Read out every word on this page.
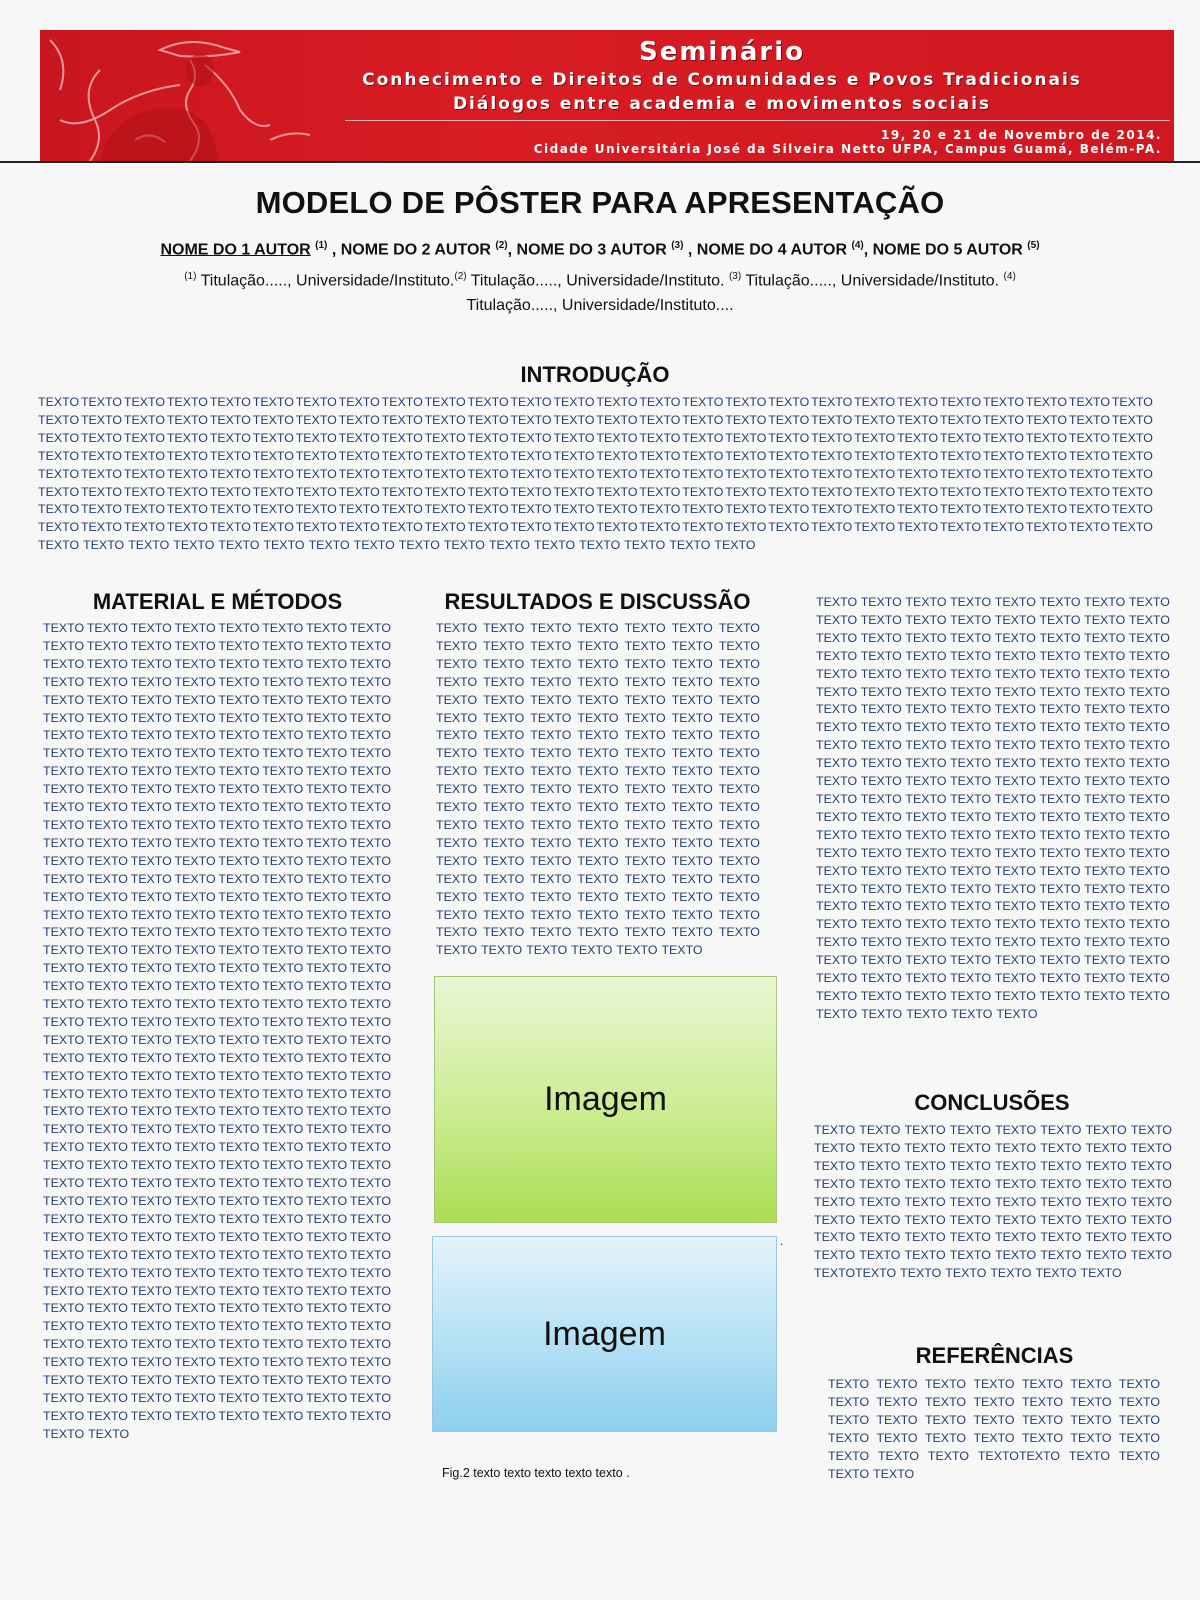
Seminário
Conhecimento e Direitos de Comunidades e Povos Tradicionais
Diálogos entre academia e movimentos sociais
19, 20 e 21 de Novembro de 2014.
Cidade Universitária José da Silveira Netto UFPA, Campus Guamá, Belém-PA.
MODELO DE PÔSTER PARA APRESENTAÇÃO
NOME DO 1 AUTOR $^{(1)}$ , NOME DO 2 AUTOR $^{(2)}$, NOME DO 3 AUTOR $^{(3)}$ , NOME DO 4 AUTOR $^{(4)}$, NOME DO 5 AUTOR $^{(5)}$
$^{(1)}$ Titulação....., Universidade/Instituto.$^{(2)}$ Titulação....., Universidade/Instituto. $^{(3)}$ Titulação....., Universidade/Instituto. $^{(4)}$
Titulação....., Universidade/Instituto....
INTRODUÇÃO
MATERIAL E MÉTODOS	RESULTADOS E DISCUSSÃO
CONCLUSÕES
REFERÊNCIAS
TEXTO TEXTO TEXTO TEXTO TEXTO TEXTO TEXTO TEXTO TEXTO TEXTO TEXTO TEXTO TEXTO TEXTO TEXTO TEXTO TEXTO TEXTO TEXTO TEXTO TEXTO TEXTO TEXTO TEXTO TEXTO TEXTO
TEXTO TEXTO TEXTO TEXTO TEXTO TEXTO TEXTO TEXTO TEXTO TEXTO TEXTO TEXTO TEXTO TEXTO TEXTO TEXTO TEXTO TEXTO TEXTO TEXTO TEXTO TEXTO TEXTO TEXTO TEXTO TEXTO
TEXTO TEXTO TEXTO TEXTO TEXTO TEXTO TEXTO TEXTO TEXTO TEXTO TEXTO TEXTO TEXTO TEXTO TEXTO TEXTO TEXTO TEXTO TEXTO TEXTO TEXTO TEXTO TEXTO TEXTO TEXTO TEXTO
TEXTO TEXTO TEXTO TEXTO TEXTO TEXTO TEXTO TEXTO TEXTO TEXTO TEXTO TEXTO TEXTO TEXTO TEXTO TEXTO TEXTO TEXTO TEXTO TEXTO TEXTO TEXTO TEXTO TEXTO TEXTO TEXTO
TEXTO TEXTO TEXTO TEXTO TEXTO TEXTO TEXTO TEXTO TEXTO TEXTO TEXTO TEXTO TEXTO TEXTO TEXTO TEXTO TEXTO TEXTO TEXTO TEXTO TEXTO TEXTO TEXTO TEXTO TEXTO TEXTO
TEXTO TEXTO TEXTO TEXTO TEXTO TEXTO TEXTO TEXTO TEXTO TEXTO TEXTO TEXTO TEXTO TEXTO TEXTO TEXTO TEXTO TEXTO TEXTO TEXTO TEXTO TEXTO TEXTO TEXTO TEXTO TEXTO
TEXTO TEXTO TEXTO TEXTO TEXTO TEXTO TEXTO TEXTO TEXTO TEXTO TEXTO TEXTO TEXTO TEXTO TEXTO TEXTO TEXTO TEXTO TEXTO TEXTO TEXTO TEXTO TEXTO TEXTO TEXTO TEXTO
TEXTO TEXTO TEXTO TEXTO TEXTO TEXTO TEXTO TEXTO TEXTO TEXTO TEXTO TEXTO TEXTO TEXTO TEXTO TEXTO TEXTO TEXTO TEXTO TEXTO TEXTO TEXTO TEXTO TEXTO TEXTO TEXTO
TEXTO TEXTO TEXTO TEXTO TEXTO TEXTO TEXTO TEXTO TEXTO TEXTO TEXTO TEXTO TEXTO TEXTO TEXTO TEXTO
TEXTO TEXTO TEXTO TEXTO TEXTO TEXTO TEXTO TEXTO
TEXTO TEXTO TEXTO TEXTO TEXTO TEXTO TEXTO TEXTO
TEXTO TEXTO TEXTO TEXTO TEXTO TEXTO TEXTO TEXTO
TEXTO TEXTO TEXTO TEXTO TEXTO TEXTO TEXTO TEXTO
TEXTO TEXTO TEXTO TEXTO TEXTO TEXTO TEXTO TEXTO
TEXTO TEXTO TEXTO TEXTO TEXTO TEXTO TEXTO TEXTO
TEXTO TEXTO TEXTO TEXTO TEXTO TEXTO TEXTO TEXTO
TEXTO TEXTO TEXTO TEXTO TEXTO TEXTO TEXTO TEXTO
TEXTO TEXTO TEXTO TEXTO TEXTO TEXTO TEXTO TEXTO
TEXTO TEXTO TEXTO TEXTO TEXTO TEXTO TEXTO TEXTO
TEXTO TEXTO TEXTO TEXTO TEXTO TEXTO TEXTO TEXTO
TEXTO TEXTO TEXTO TEXTO TEXTO TEXTO TEXTO TEXTO
TEXTO TEXTO TEXTO TEXTO TEXTO TEXTO TEXTO TEXTO
TEXTO TEXTO TEXTO TEXTO TEXTO TEXTO TEXTO TEXTO
TEXTO TEXTO TEXTO TEXTO TEXTO TEXTO TEXTO TEXTO
TEXTO TEXTO TEXTO TEXTO TEXTO TEXTO TEXTO TEXTO
TEXTO TEXTO TEXTO TEXTO TEXTO TEXTO TEXTO TEXTO
TEXTO TEXTO TEXTO TEXTO TEXTO TEXTO TEXTO TEXTO
TEXTO TEXTO TEXTO TEXTO TEXTO TEXTO TEXTO TEXTO
TEXTO TEXTO TEXTO TEXTO TEXTO TEXTO TEXTO TEXTO
TEXTO TEXTO TEXTO TEXTO TEXTO TEXTO TEXTO TEXTO
TEXTO TEXTO TEXTO TEXTO TEXTO TEXTO TEXTO TEXTO
TEXTO TEXTO TEXTO TEXTO TEXTO TEXTO TEXTO TEXTO
TEXTO TEXTO TEXTO TEXTO TEXTO TEXTO TEXTO TEXTO
TEXTO TEXTO TEXTO TEXTO TEXTO TEXTO TEXTO TEXTO
TEXTO TEXTO TEXTO TEXTO TEXTO TEXTO TEXTO TEXTO
TEXTO TEXTO TEXTO TEXTO TEXTO TEXTO TEXTO TEXTO
TEXTO TEXTO TEXTO TEXTO TEXTO TEXTO TEXTO TEXTO
TEXTO TEXTO TEXTO TEXTO TEXTO TEXTO TEXTO TEXTO
TEXTO TEXTO TEXTO TEXTO TEXTO TEXTO TEXTO TEXTO
TEXTO TEXTO TEXTO TEXTO TEXTO TEXTO TEXTO TEXTO
TEXTO TEXTO TEXTO TEXTO TEXTO TEXTO TEXTO TEXTO
TEXTO TEXTO TEXTO TEXTO TEXTO TEXTO TEXTO TEXTO
TEXTO TEXTO TEXTO TEXTO TEXTO TEXTO TEXTO TEXTO
TEXTO TEXTO TEXTO TEXTO TEXTO TEXTO TEXTO TEXTO
TEXTO TEXTO TEXTO TEXTO TEXTO TEXTO TEXTO TEXTO
TEXTO TEXTO TEXTO TEXTO TEXTO TEXTO TEXTO TEXTO
TEXTO TEXTO TEXTO TEXTO TEXTO TEXTO TEXTO TEXTO
TEXTO TEXTO TEXTO TEXTO TEXTO TEXTO TEXTO TEXTO
TEXTO TEXTO TEXTO TEXTO TEXTO TEXTO TEXTO TEXTO
TEXTO TEXTO TEXTO TEXTO TEXTO TEXTO TEXTO TEXTO
TEXTO TEXTO TEXTO TEXTO TEXTO TEXTO TEXTO TEXTO
TEXTO TEXTO TEXTO TEXTO TEXTO TEXTO TEXTO TEXTO
TEXTO TEXTO TEXTO TEXTO TEXTO TEXTO TEXTO TEXTO
TEXTO TEXTO TEXTO TEXTO TEXTO TEXTO TEXTO TEXTO
TEXTO TEXTO
TEXTO TEXTO TEXTO TEXTO TEXTO TEXTO TEXTO
TEXTO TEXTO TEXTO TEXTO TEXTO TEXTO TEXTO
TEXTO TEXTO TEXTO TEXTO TEXTO TEXTO TEXTO
TEXTO TEXTO TEXTO TEXTO TEXTO TEXTO TEXTO
TEXTO TEXTO TEXTO TEXTO TEXTO TEXTO TEXTO
TEXTO TEXTO TEXTO TEXTO TEXTO TEXTO TEXTO
TEXTO TEXTO TEXTO TEXTO TEXTO TEXTO TEXTO
TEXTO TEXTO TEXTO TEXTO TEXTO TEXTO TEXTO
TEXTO TEXTO TEXTO TEXTO TEXTO TEXTO TEXTO
TEXTO TEXTO TEXTO TEXTO TEXTO TEXTO TEXTO
TEXTO TEXTO TEXTO TEXTO TEXTO TEXTO TEXTO
TEXTO TEXTO TEXTO TEXTO TEXTO TEXTO TEXTO
TEXTO TEXTO TEXTO TEXTO TEXTO TEXTO TEXTO
TEXTO TEXTO TEXTO TEXTO TEXTO TEXTO TEXTO
TEXTO TEXTO TEXTO TEXTO TEXTO TEXTO TEXTO
TEXTO TEXTO TEXTO TEXTO TEXTO TEXTO TEXTO
TEXTO TEXTO TEXTO TEXTO TEXTO TEXTO TEXTO
TEXTO TEXTO TEXTO TEXTO TEXTO TEXTO TEXTO
TEXTO TEXTO TEXTO TEXTO TEXTO TEXTO
TEXTO TEXTO TEXTO TEXTO TEXTO TEXTO TEXTO TEXTO
TEXTO TEXTO TEXTO TEXTO TEXTO TEXTO TEXTO TEXTO
TEXTO TEXTO TEXTO TEXTO TEXTO TEXTO TEXTO TEXTO
TEXTO TEXTO TEXTO TEXTO TEXTO TEXTO TEXTO TEXTO
TEXTO TEXTO TEXTO TEXTO TEXTO TEXTO TEXTO TEXTO
TEXTO TEXTO TEXTO TEXTO TEXTO TEXTO TEXTO TEXTO
TEXTO TEXTO TEXTO TEXTO TEXTO TEXTO TEXTO TEXTO
TEXTO TEXTO TEXTO TEXTO TEXTO TEXTO TEXTO TEXTO
TEXTO TEXTO TEXTO TEXTO TEXTO TEXTO TEXTO TEXTO
TEXTO TEXTO TEXTO TEXTO TEXTO TEXTO TEXTO TEXTO
TEXTO TEXTO TEXTO TEXTO TEXTO TEXTO TEXTO TEXTO
TEXTO TEXTO TEXTO TEXTO TEXTO TEXTO TEXTO TEXTO
TEXTO TEXTO TEXTO TEXTO TEXTO TEXTO TEXTO TEXTO
TEXTO TEXTO TEXTO TEXTO TEXTO TEXTO TEXTO TEXTO
TEXTO TEXTO TEXTO TEXTO TEXTO TEXTO TEXTO TEXTO
TEXTO TEXTO TEXTO TEXTO TEXTO TEXTO TEXTO TEXTO
TEXTO TEXTO TEXTO TEXTO TEXTO TEXTO TEXTO TEXTO
TEXTO TEXTO TEXTO TEXTO TEXTO TEXTO TEXTO TEXTO
TEXTO TEXTO TEXTO TEXTO TEXTO TEXTO TEXTO TEXTO
TEXTO TEXTO TEXTO TEXTO TEXTO TEXTO TEXTO TEXTO
TEXTO TEXTO TEXTO TEXTO TEXTO TEXTO TEXTO TEXTO
TEXTO TEXTO TEXTO TEXTO TEXTO TEXTO TEXTO TEXTO
TEXTO TEXTO TEXTO TEXTO TEXTO TEXTO TEXTO TEXTO
TEXTO TEXTO TEXTO TEXTO TEXTO
TEXTO TEXTO TEXTO TEXTO TEXTO TEXTO TEXTO TEXTO
TEXTO TEXTO TEXTO TEXTO TEXTO TEXTO TEXTO TEXTO
TEXTO TEXTO TEXTO TEXTO TEXTO TEXTO TEXTO TEXTO
TEXTO TEXTO TEXTO TEXTO TEXTO TEXTO TEXTO TEXTO
TEXTO TEXTO TEXTO TEXTO TEXTO TEXTO TEXTO TEXTO
TEXTO TEXTO TEXTO TEXTO TEXTO TEXTO TEXTO TEXTO
TEXTO TEXTO TEXTO TEXTO TEXTO TEXTO TEXTO TEXTO
TEXTO TEXTO TEXTO TEXTO TEXTO TEXTO TEXTO TEXTO
TEXTOTEXTO TEXTO TEXTO TEXTO TEXTO TEXTO
TEXTO TEXTO TEXTO TEXTO TEXTO TEXTO TEXTO
TEXTO TEXTO TEXTO TEXTO TEXTO TEXTO TEXTO
TEXTO TEXTO TEXTO TEXTO TEXTO TEXTO TEXTO
TEXTO TEXTO TEXTO TEXTO TEXTO TEXTO TEXTO
TEXTO TEXTO TEXTO TEXTOTEXTO TEXTO TEXTO
TEXTO TEXTO
Imagem
Imagem
.
Fig.2 texto texto texto texto texto .
